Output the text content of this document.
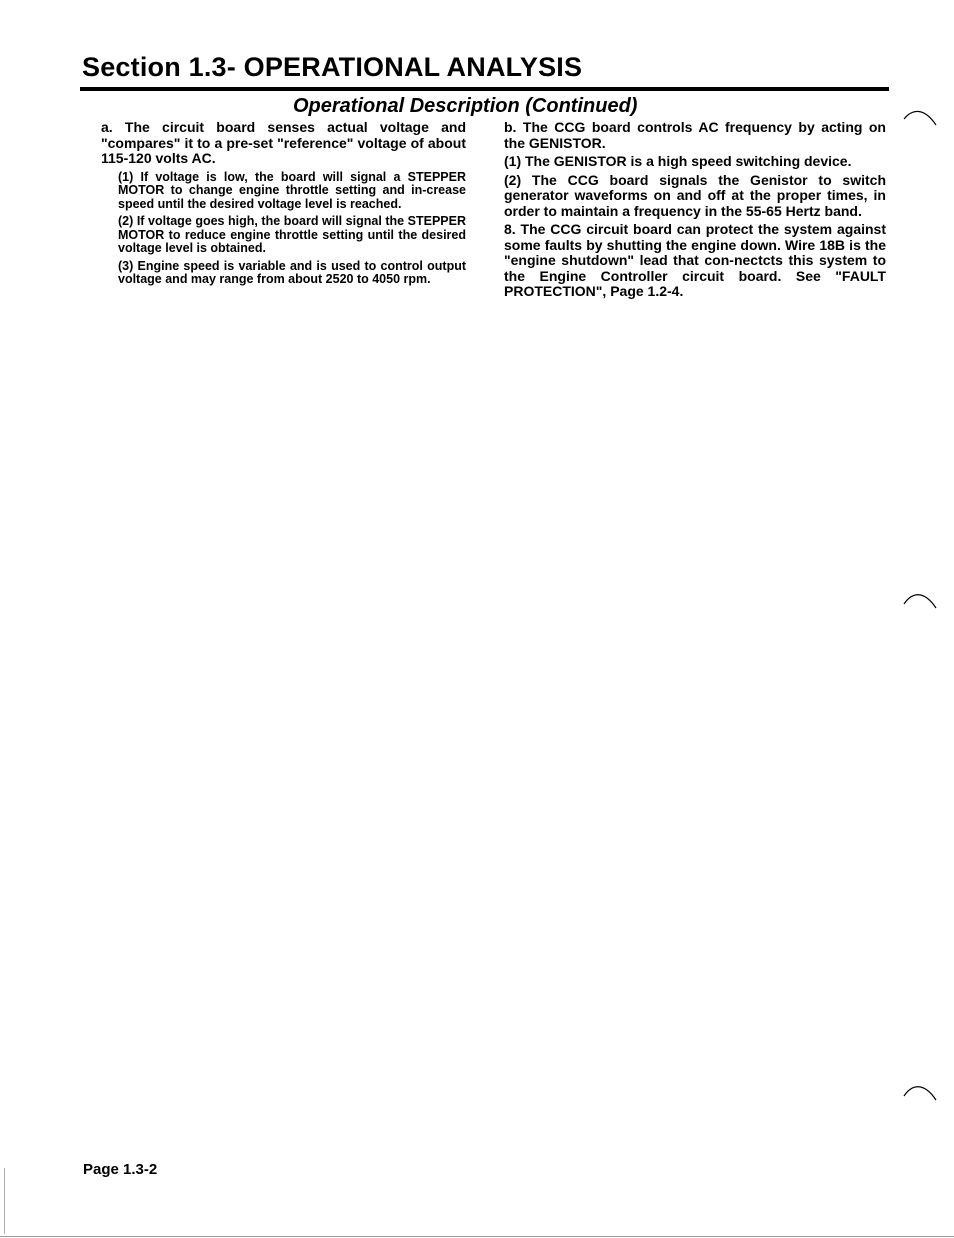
Section 1.3- OPERATIONAL ANALYSIS
Operational Description (Continued)

a. The circuit board senses actual voltage and "compares" it to a pre-set "reference" voltage of about 115-120 volts AC.

(1) If voltage is low, the board will signal a STEPPER MOTOR to change engine throttle setting and in-crease speed until the desired voltage level is reached.

(2) If voltage goes high, the board will signal the STEPPER MOTOR to reduce engine throttle setting until the desired voltage level is obtained.

(3) Engine speed is variable and is used to control output voltage and may range from about 2520 to 4050 rpm.

b. The CCG board controls AC frequency by acting on the GENISTOR.

(1) The GENISTOR is a high speed switching device.

(2) The CCG board signals the Genistor to switch generator waveforms on and off at the proper times, in order to maintain a frequency in the 55-65 Hertz band.

8. The CCG circuit board can protect the system against some faults by shutting the engine down. Wire 18B is the "engine shutdown" lead that con-nectcts this system to the Engine Controller circuit board. See "FAULT PROTECTION", Page 1.2-4.

Page 1.3-2
